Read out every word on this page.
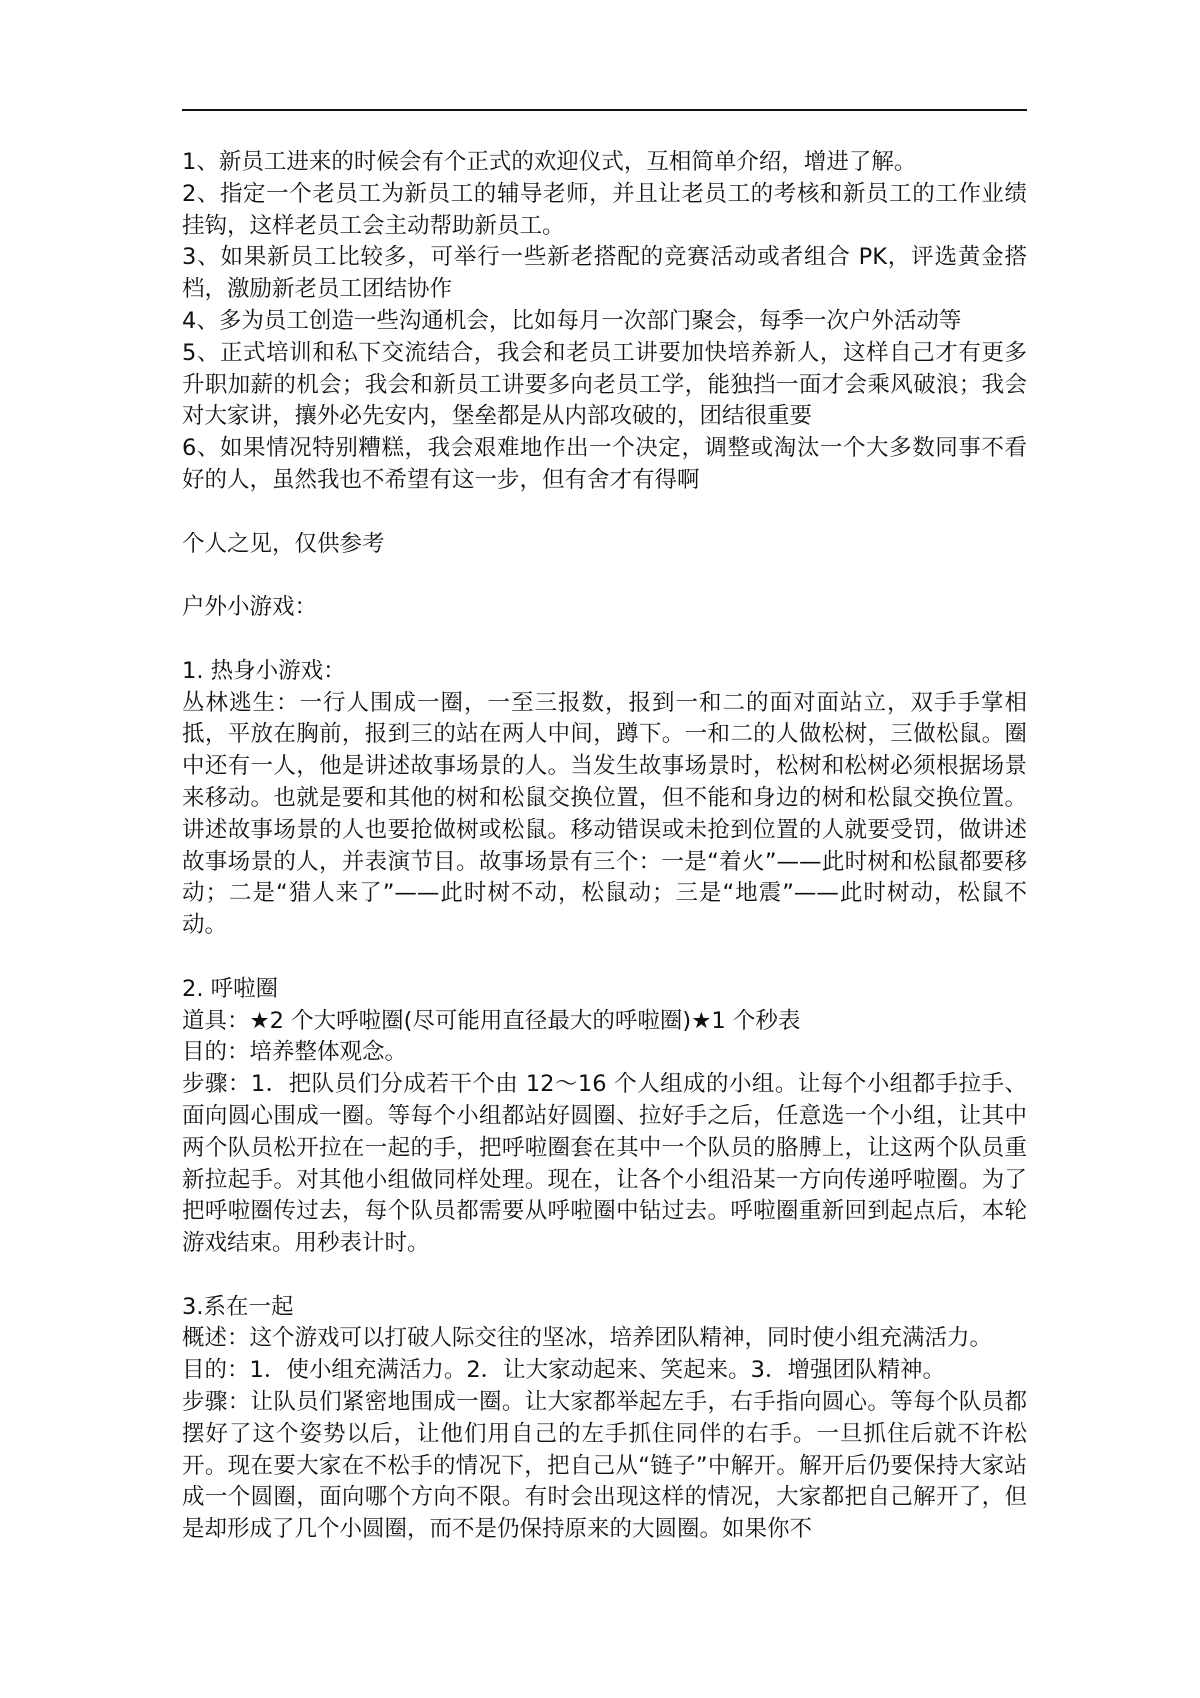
1、新员工进来的时候会有个正式的欢迎仪式，互相简单介绍，增进了解。

2、指定一个老员工为新员工的辅导老师，并且让老员工的考核和新员工的工作业绩挂钩，这样老员工会主动帮助新员工。

3、如果新员工比较多，可举行一些新老搭配的竞赛活动或者组合 PK，评选黄金搭档，激励新老员工团结协作

4、多为员工创造一些沟通机会，比如每月一次部门聚会，每季一次户外活动等

5、正式培训和私下交流结合，我会和老员工讲要加快培养新人，这样自己才有更多升职加薪的机会；我会和新员工讲要多向老员工学，能独挡一面才会乘风破浪；我会对大家讲，攘外必先安内，堡垒都是从内部攻破的，团结很重要

6、如果情况特别糟糕，我会艰难地作出一个决定，调整或淘汰一个大多数同事不看好的人，虽然我也不希望有这一步，但有舍才有得啊

个人之见，仅供参考

户外小游戏：

1. 热身小游戏：

丛林逃生：一行人围成一圈，一至三报数，报到一和二的面对面站立，双手手掌相抵，平放在胸前，报到三的站在两人中间，蹲下。一和二的人做松树，三做松鼠。圈中还有一人，他是讲述故事场景的人。当发生故事场景时，松树和松树必须根据场景来移动。也就是要和其他的树和松鼠交换位置，但不能和身边的树和松鼠交换位置。讲述故事场景的人也要抢做树或松鼠。移动错误或未抢到位置的人就要受罚，做讲述故事场景的人，并表演节目。故事场景有三个：一是“着火”——此时树和松鼠都要移动；二是“猎人来了”——此时树不动，松鼠动；三是“地震”——此时树动，松鼠不动。

2. 呼啦圈

道具：★2 个大呼啦圈(尽可能用直径最大的呼啦圈)★1 个秒表

目的：培养整体观念。

步骤：1．把队员们分成若干个由 12～16 个人组成的小组。让每个小组都手拉手、面向圆心围成一圈。等每个小组都站好圆圈、拉好手之后，任意选一个小组，让其中两个队员松开拉在一起的手，把呼啦圈套在其中一个队员的胳膊上，让这两个队员重新拉起手。对其他小组做同样处理。现在，让各个小组沿某一方向传递呼啦圈。为了把呼啦圈传过去，每个队员都需要从呼啦圈中钻过去。呼啦圈重新回到起点后，本轮游戏结束。用秒表计时。

3.系在一起

概述：这个游戏可以打破人际交往的坚冰，培养团队精神，同时使小组充满活力。

目的：1．使小组充满活力。2．让大家动起来、笑起来。3．增强团队精神。

步骤：让队员们紧密地围成一圈。让大家都举起左手，右手指向圆心。等每个队员都摆好了这个姿势以后，让他们用自己的左手抓住同伴的右手。一旦抓住后就不许松开。现在要大家在不松手的情况下，把自己从“链子”中解开。解开后仍要保持大家站成一个圆圈，面向哪个方向不限。有时会出现这样的情况，大家都把自己解开了，但是却形成了几个小圆圈，而不是仍保持原来的大圆圈。如果你不
